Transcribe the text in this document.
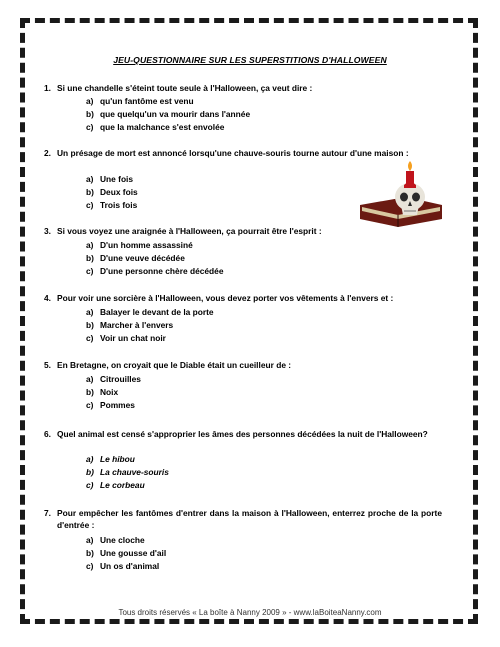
JEU-QUESTIONNAIRE SUR LES SUPERSTITIONS D'HALLOWEEN
1. Si une chandelle s'éteint toute seule à l'Halloween, ça veut dire :
a) qu'un fantôme est venu
b) que quelqu'un va mourir dans l'année
c) que la malchance s'est envolée
2. Un présage de mort est annoncé lorsqu'une chauve-souris tourne autour d'une maison :
a) Une fois
b) Deux fois
c) Trois fois
3. Si vous voyez une araignée à l'Halloween, ça pourrait être l'esprit :
a) D'un homme assassiné
b) D'une veuve décédée
c) D'une personne chère décédée
4. Pour voir une sorcière à l'Halloween, vous devez porter vos vêtements à l'envers et :
a) Balayer le devant de la porte
b) Marcher à l'envers
c) Voir un chat noir
5. En Bretagne, on croyait que le Diable était un cueilleur de :
a) Citrouilles
b) Noix
c) Pommes
6. Quel animal est censé s'approprier les âmes des personnes décédées la nuit de l'Halloween?
a) Le hibou
b) La chauve-souris
c) Le corbeau
7. Pour empêcher les fantômes d'entrer dans la maison à l'Halloween, enterrez proche de la porte d'entrée :
a) Une cloche
b) Une gousse d'ail
c) Un os d'animal
Tous droits réservés « La boîte à Nanny 2009 » - www.laBoiteaNanny.com
